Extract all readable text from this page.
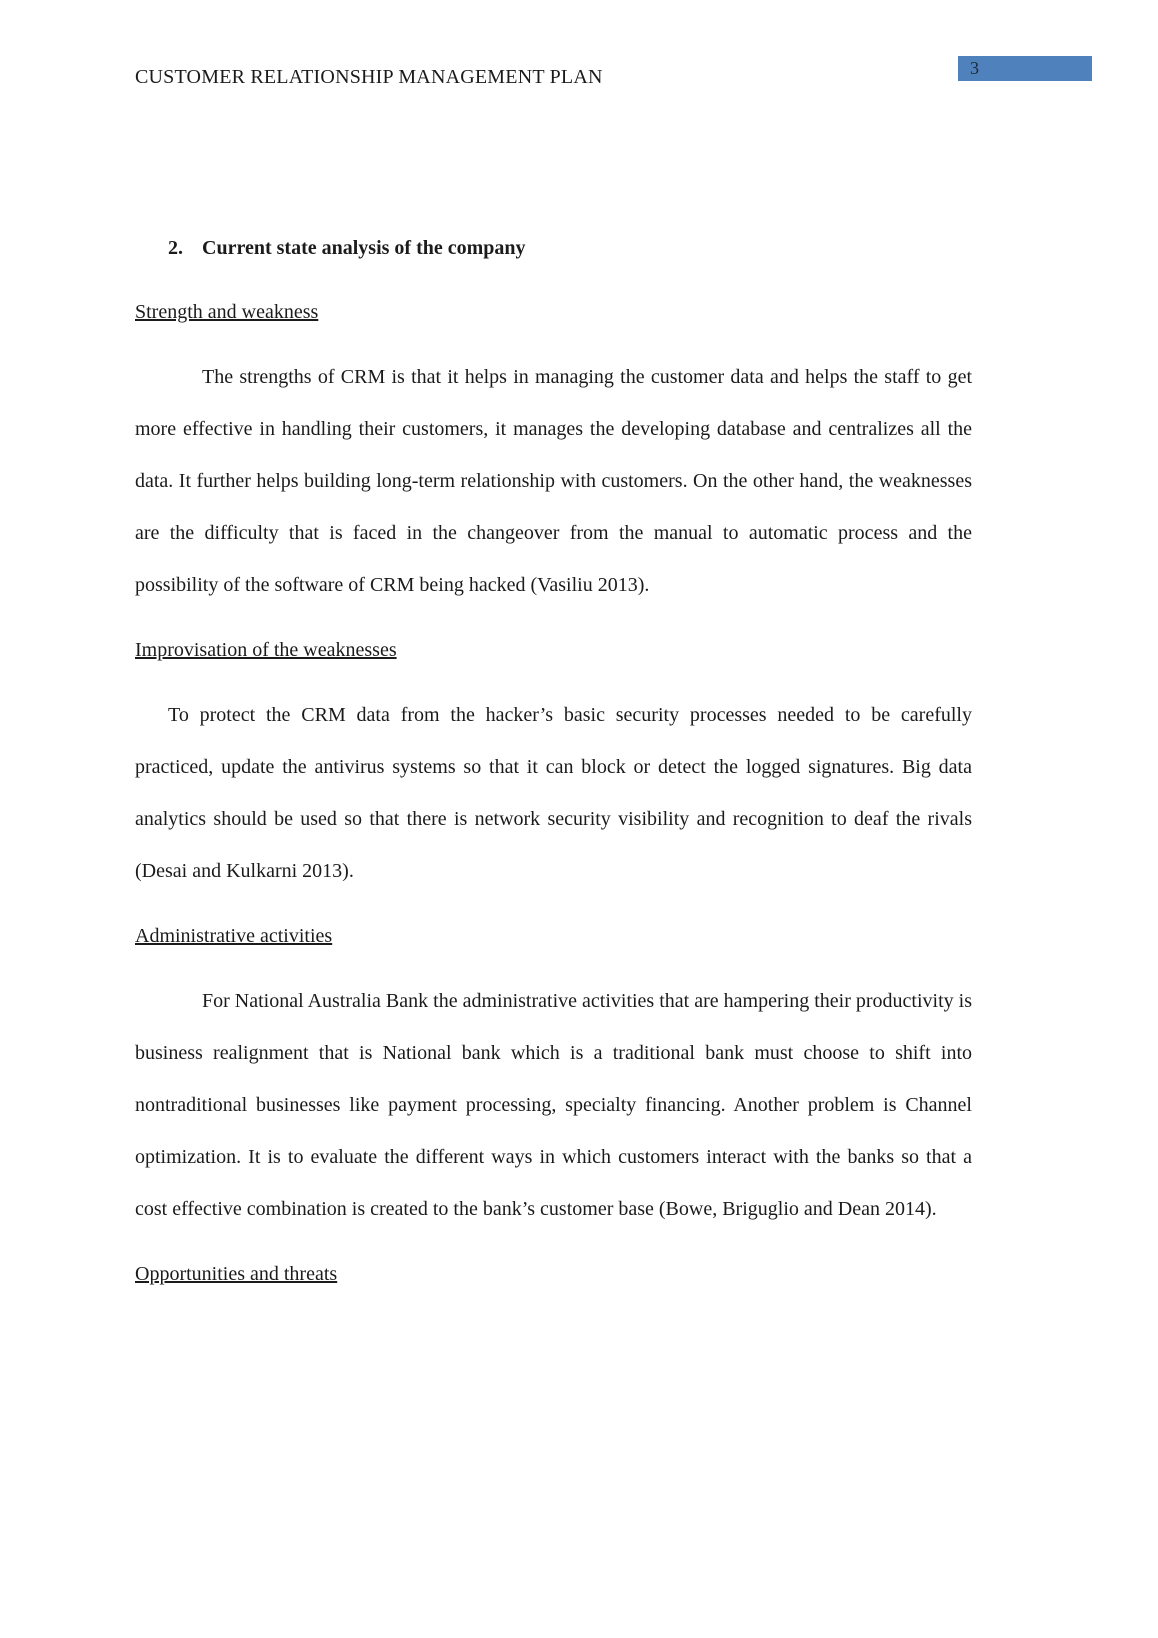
CUSTOMER RELATIONSHIP MANAGEMENT PLAN	3

2. Current state analysis of the company

Strength and weakness

The strengths of CRM is that it helps in managing the customer data and helps the staff to get more effective in handling their customers, it manages the developing database and centralizes all the data. It further helps building long-term relationship with customers. On the other hand, the weaknesses are the difficulty that is faced in the changeover from the manual to automatic process and the possibility of the software of CRM being hacked (Vasiliu 2013).

Improvisation of the weaknesses

To protect the CRM data from the hacker’s basic security processes needed to be carefully practiced, update the antivirus systems so that it can block or detect the logged signatures. Big data analytics should be used so that there is network security visibility and recognition to deaf the rivals (Desai and Kulkarni 2013).

Administrative activities

For National Australia Bank the administrative activities that are hampering their productivity is business realignment that is National bank which is a traditional bank must choose to shift into nontraditional businesses like payment processing, specialty financing. Another problem is Channel optimization. It is to evaluate the different ways in which customers interact with the banks so that a cost effective combination is created to the bank’s customer base (Bowe, Briguglio and Dean 2014).

Opportunities and threats
